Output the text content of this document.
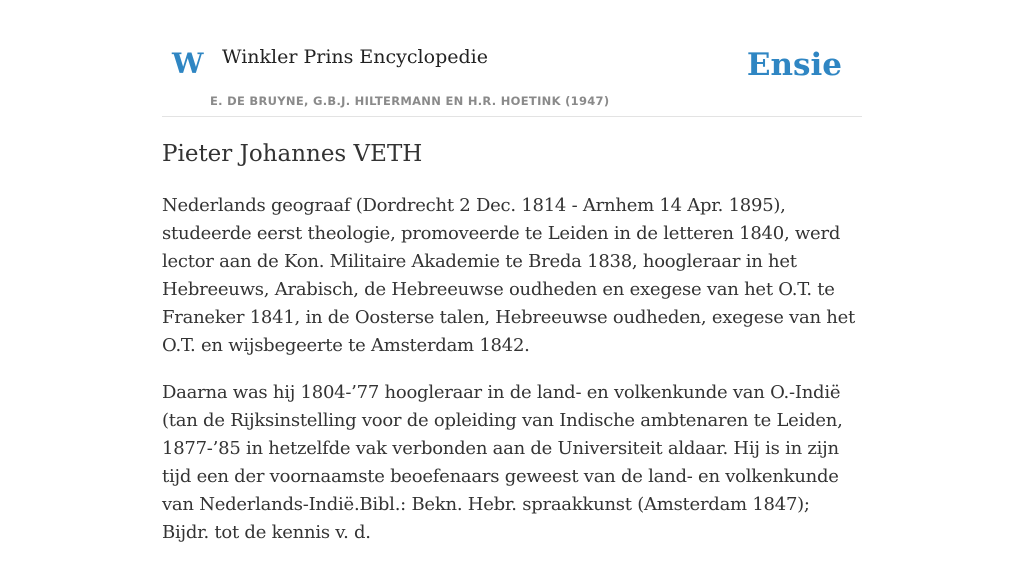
W Winkler Prins Encyclopedie
E. DE BRUYNE, G.B.J. HILTERMANN EN H.R. HOETINK (1947)
Ensie
Pieter Johannes VETH

Nederlands geograaf (Dordrecht 2 Dec. 1814 - Arnhem 14 Apr. 1895), studeerde eerst theologie, promoveerde te Leiden in de letteren 1840, werd lector aan de Kon. Militaire Akademie te Breda 1838, hoogleraar in het Hebreeuws, Arabisch, de Hebreeuwse oudheden en exegese van het O.T. te Franeker 1841, in de Oosterse talen, Hebreeuwse oudheden, exegese van het O.T. en wijsbegeerte te Amsterdam 1842.

Daarna was hij 1804-’77 hoogleraar in de land- en volkenkunde van O.-Indië (tan de Rijksinstelling voor de opleiding van Indische ambtenaren te Leiden, 1877-’85 in hetzelfde vak verbonden aan de Universiteit aldaar. Hij is in zijn tijd een der voornaamste beoefenaars geweest van de land- en volkenkunde van Nederlands-Indië.Bibl.: Bekn. Hebr. spraakkunst (Amsterdam 1847); Bijdr. tot de kennis v. d.
